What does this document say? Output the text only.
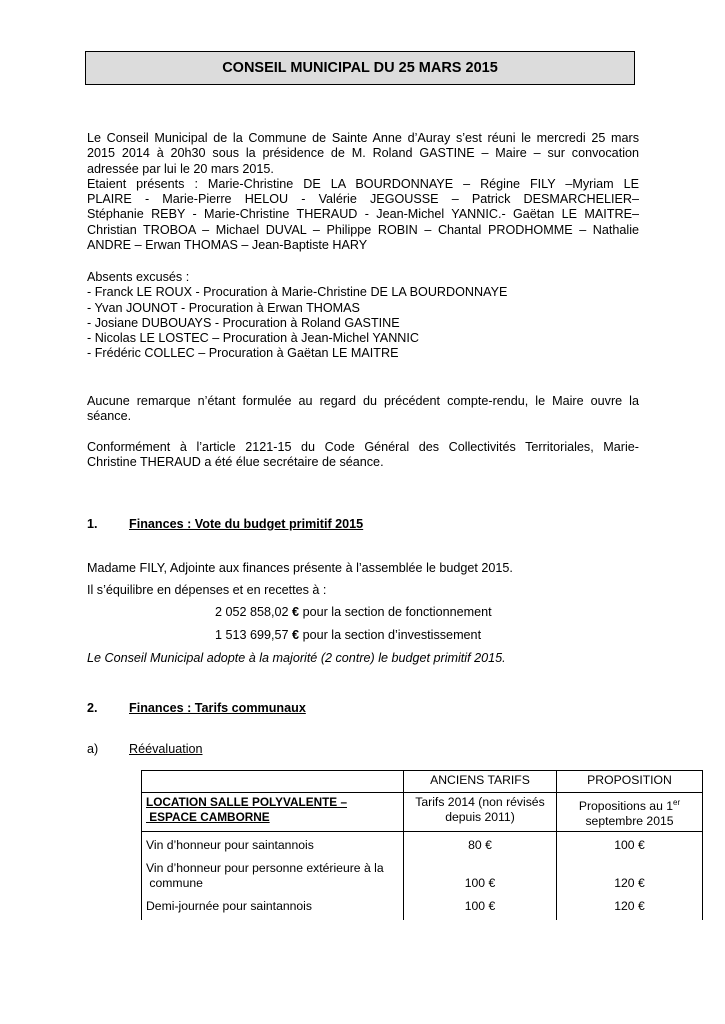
CONSEIL MUNICIPAL DU 25 MARS 2015
Le Conseil Municipal de la Commune de Sainte Anne d’Auray s’est réuni le mercredi 25 mars
2015 2014 à 20h30 sous la présidence de M. Roland GASTINE – Maire – sur convocation
adressée par lui le 20 mars 2015.
Etaient présents : Marie-Christine DE LA BOURDONNAYE – Régine FILY –Myriam LE
PLAIRE - Marie-Pierre HELOU - Valérie JEGOUSSE – Patrick DESMARCHELIER–
Stéphanie REBY - Marie-Christine THERAUD - Jean-Michel YANNIC.- Gaëtan LE MAITRE–
Christian TROBOA – Michael DUVAL – Philippe ROBIN – Chantal PRODHOMME – Nathalie
ANDRE – Erwan THOMAS – Jean-Baptiste HARY
Absents excusés :
- Franck LE ROUX - Procuration à Marie-Christine DE LA BOURDONNAYE
- Yvan JOUNOT - Procuration à Erwan THOMAS
- Josiane DUBOUAYS - Procuration à Roland GASTINE
- Nicolas LE LOSTEC – Procuration à Jean-Michel YANNIC
- Frédéric COLLEC – Procuration à Gaëtan LE MAITRE
Aucune remarque n’étant formulée au regard du précédent compte-rendu, le Maire ouvre la
séance.
Conformément à l’article 2121-15 du Code Général des Collectivités Territoriales, Marie-
Christine THERAUD a été élue secrétaire de séance.
1. Finances : Vote du budget primitif 2015
Madame FILY, Adjointe aux finances présente à l’assemblée le budget 2015.
Il s’équilibre en dépenses et en recettes à :
2 052 858,02 € pour la section de fonctionnement
1 513 699,57 € pour la section d’investissement
Le Conseil Municipal adopte à la majorité (2 contre) le budget primitif 2015.
2. Finances : Tarifs communaux
a) Réévaluation
	ANCIENS TARIFS	PROPOSITION

LOCATION SALLE POLYVALENTE –
ESPACE CAMBORNE	Tarifs 2014 (non révisés
depuis 2011)	Propositions au 1er
septembre 2015

Vin d’honneur pour saintannois	80 €	100 €

Vin d’honneur pour personne extérieure à la
commune	100 €	120 €
Demi-journée pour saintannois	100 €	120 €
